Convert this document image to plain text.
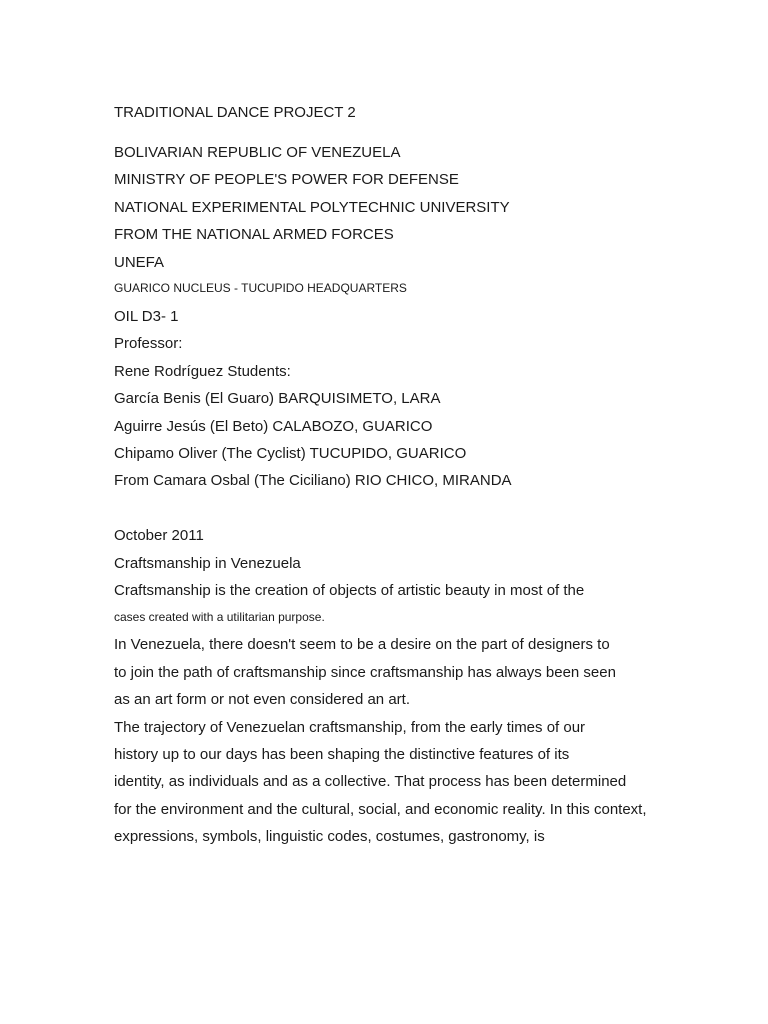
TRADITIONAL DANCE PROJECT 2

BOLIVARIAN REPUBLIC OF VENEZUELA

MINISTRY OF PEOPLE'S POWER FOR DEFENSE

NATIONAL EXPERIMENTAL POLYTECHNIC UNIVERSITY

FROM THE NATIONAL ARMED FORCES

UNEFA

GUARICO NUCLEUS - TUCUPIDO HEADQUARTERS

OIL D3- 1

Professor:

Rene Rodríguez Students:

García Benis (El Guaro) BARQUISIMETO, LARA

Aguirre Jesús (El Beto) CALABOZO, GUARICO

Chipamo Oliver (The Cyclist) TUCUPIDO, GUARICO

From Camara Osbal (The Ciciliano) RIO CHICO, MIRANDA

October 2011

Craftsmanship in Venezuela

Craftsmanship is the creation of objects of artistic beauty in most of the

cases created with a utilitarian purpose.

In Venezuela, there doesn't seem to be a desire on the part of designers to

to join the path of craftsmanship since craftsmanship has always been seen

as an art form or not even considered an art.

The trajectory of Venezuelan craftsmanship, from the early times of our

history up to our days has been shaping the distinctive features of its

identity, as individuals and as a collective. That process has been determined

for the environment and the cultural, social, and economic reality. In this context,

expressions, symbols, linguistic codes, costumes, gastronomy, is
